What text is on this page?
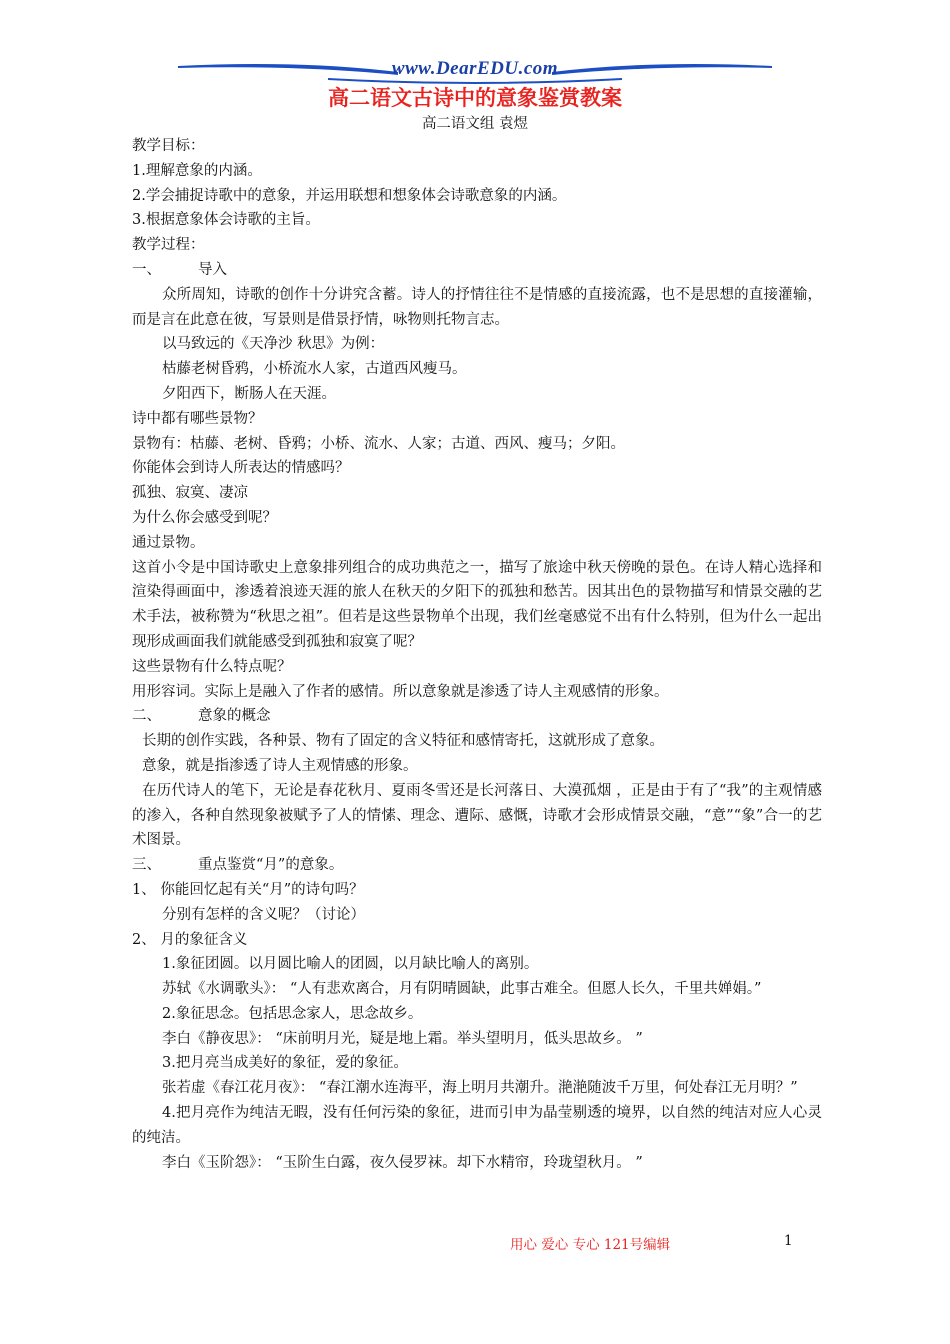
www.DearEDU.com
高二语文古诗中的意象鉴赏教案
高二语文组 袁煜
教学目标：
1.理解意象的内涵。
2.学会捕捉诗歌中的意象，并运用联想和想象体会诗歌意象的内涵。
3.根据意象体会诗歌的主旨。
教学过程：
一、	导入
众所周知，诗歌的创作十分讲究含蓄。诗人的抒情往往不是情感的直接流露，也不是思想的直接灌输，而是言在此意在彼，写景则是借景抒情，咏物则托物言志。
以马致远的《天净沙 秋思》为例：
枯藤老树昏鸦，小桥流水人家，古道西风瘦马。
夕阳西下，断肠人在天涯。
诗中都有哪些景物？
景物有：枯藤、老树、昏鸦；小桥、流水、人家；古道、西风、瘦马；夕阳。
你能体会到诗人所表达的情感吗？
孤独、寂寞、凄凉
为什么你会感受到呢？
通过景物。
这首小令是中国诗歌史上意象排列组合的成功典范之一，描写了旅途中秋天傍晚的景色。在诗人精心选择和渲染得画面中，渗透着浪迹天涯的旅人在秋天的夕阳下的孤独和愁苦。因其出色的景物描写和情景交融的艺术手法，被称赞为“秋思之祖”。但若是这些景物单个出现，我们丝毫感觉不出有什么特别，但为什么一起出现形成画面我们就能感受到孤独和寂寞了呢？
这些景物有什么特点呢？
用形容词。实际上是融入了作者的感情。所以意象就是渗透了诗人主观感情的形象。
二、	意象的概念
长期的创作实践，各种景、物有了固定的含义特征和感情寄托，这就形成了意象。
意象，就是指渗透了诗人主观情感的形象。
在历代诗人的笔下，无论是春花秋月、夏雨冬雪还是长河落日、大漠孤烟 ，正是由于有了“我”的主观情感的渗入，各种自然现象被赋予了人的情愫、理念、遭际、感慨，诗歌才会形成情景交融，“意”“象”合一的艺术图景。
三、	重点鉴赏“月”的意象。
1、 你能回忆起有关“月”的诗句吗？
分别有怎样的含义呢？（讨论）
2、 月的象征含义
1.象征团圆。以月圆比喻人的团圆，以月缺比喻人的离别。
苏轼《水调歌头》： “人有悲欢离合，月有阴晴圆缺，此事古难全。但愿人长久，千里共婵娟。”
2.象征思念。包括思念家人，思念故乡。
李白《静夜思》： “床前明月光，疑是地上霜。举头望明月，低头思故乡。 ”
3.把月亮当成美好的象征，爱的象征。
张若虚《春江花月夜》： “春江潮水连海平，海上明月共潮升。滟滟随波千万里，何处春江无月明？”
4.把月亮作为纯洁无暇，没有任何污染的象征，进而引申为晶莹剔透的境界，以自然的纯洁对应人心灵的纯洁。
李白《玉阶怨》： “玉阶生白露，夜久侵罗袜。却下水精帘，玲珑望秋月。 ”
用心 爱心 专心 121号编辑	1
